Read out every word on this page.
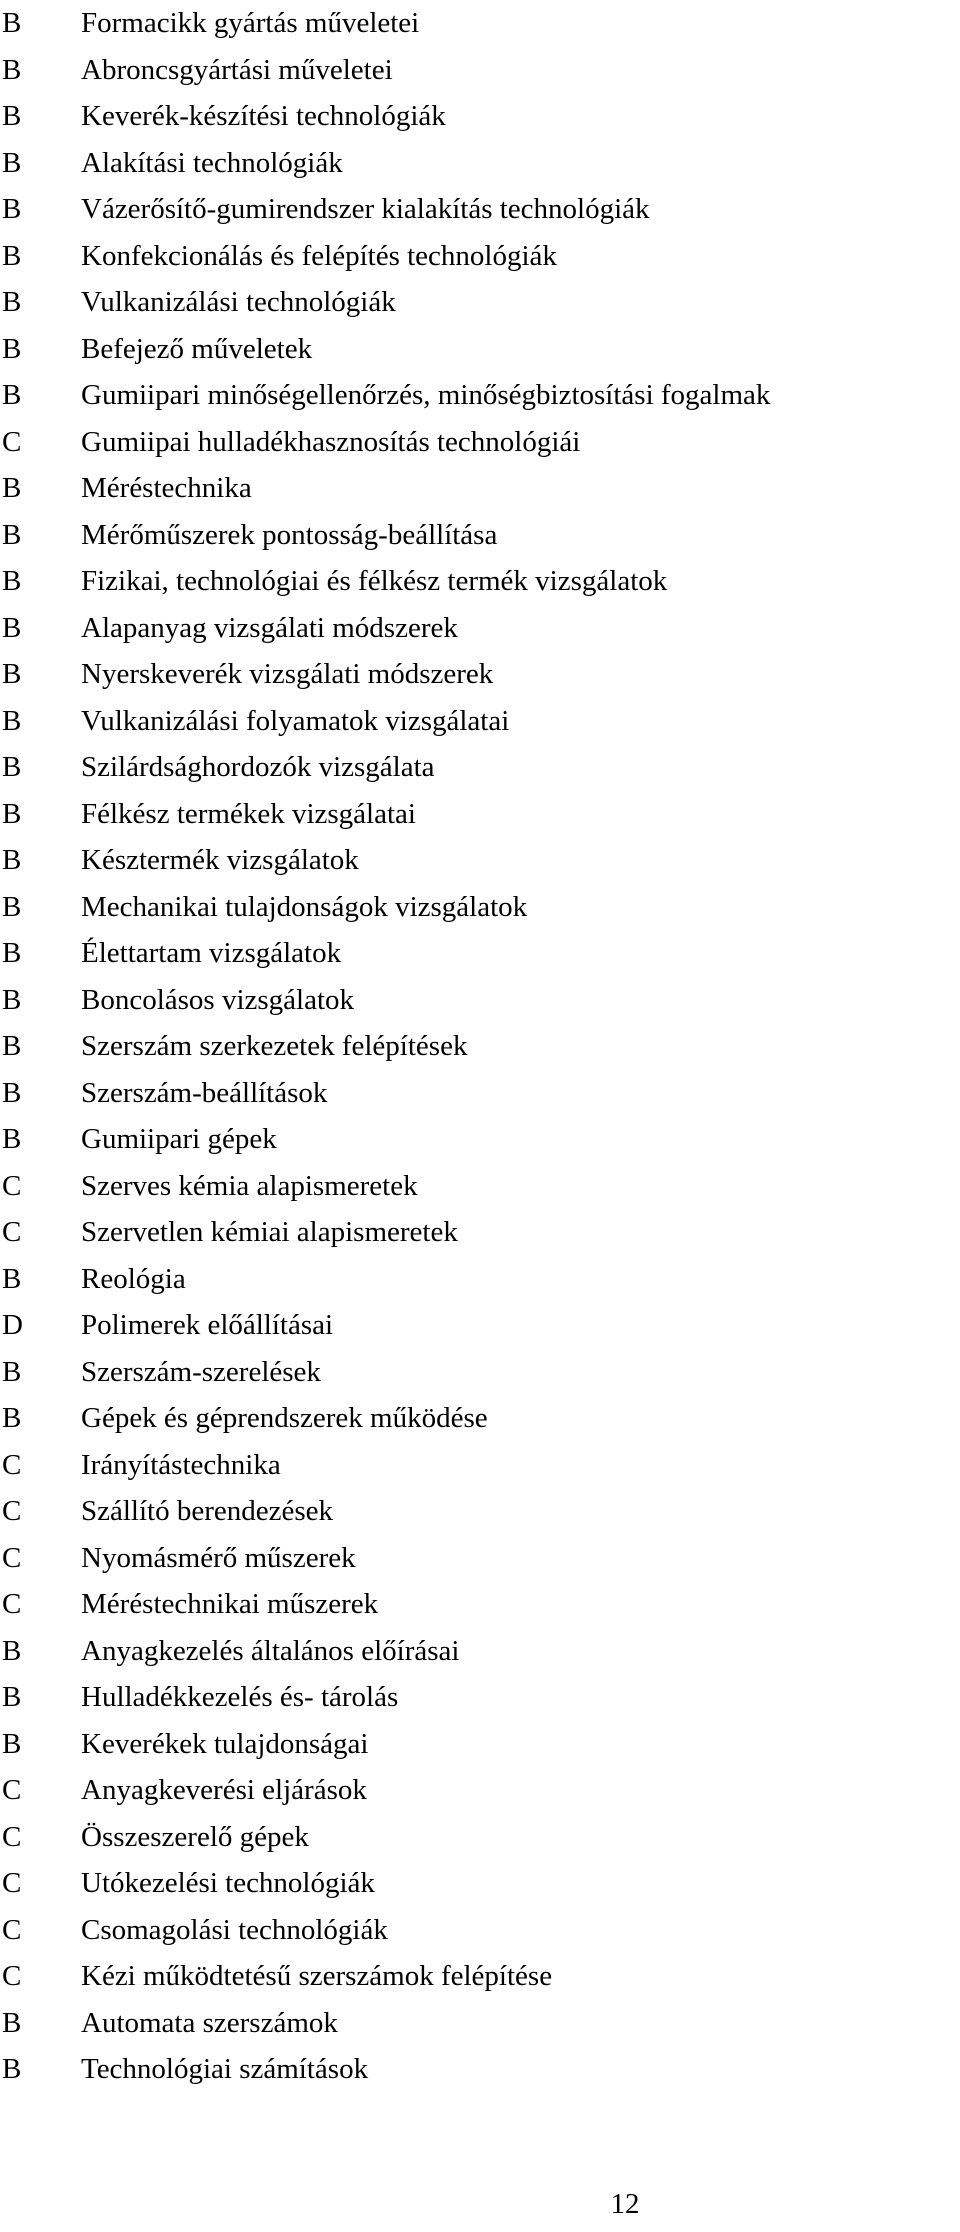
B	Formacikk gyártás műveletei
B	Abroncsgyártási műveletei
B	Keverék-készítési technológiák
B	Alakítási technológiák
B	Vázerősítő-gumirendszer kialakítás technológiák
B	Konfekcionálás és felépítés technológiák
B	Vulkanizálási technológiák
B	Befejező műveletek
B	Gumiipari minőségellenőrzés, minőségbiztosítási fogalmak
C	Gumiipai hulladékhasznosítás technológiái
B	Méréstechnika
B	Mérőműszerek pontosság-beállítása
B	Fizikai, technológiai és félkész termék vizsgálatok
B	Alapanyag vizsgálati módszerek
B	Nyerskeverék vizsgálati módszerek
B	Vulkanizálási folyamatok vizsgálatai
B	Szilárdsághordozók vizsgálata
B	Félkész termékek vizsgálatai
B	Késztermék vizsgálatok
B	Mechanikai tulajdonságok vizsgálatok
B	Élettartam vizsgálatok
B	Boncolásos vizsgálatok
B	Szerszám szerkezetek felépítések
B	Szerszám-beállítások
B	Gumiipari gépek
C	Szerves kémia alapismeretek
C	Szervetlen kémiai alapismeretek
B	Reológia
D	Polimerek előállításai
B	Szerszám-szerelések
B	Gépek és géprendszerek működése
C	Irányítástechnika
C	Szállító berendezések
C	Nyomásmérő műszerek
C	Méréstechnikai műszerek
B	Anyagkezelés általános előírásai
B	Hulladékkezelés és- tárolás
B	Keverékek tulajdonságai
C	Anyagkeverési eljárások
C	Összeszerelő gépek
C	Utókezelési technológiák
C	Csomagolási technológiák
C	Kézi működtetésű szerszámok felépítése
B	Automata szerszámok
B	Technológiai számítások
12
